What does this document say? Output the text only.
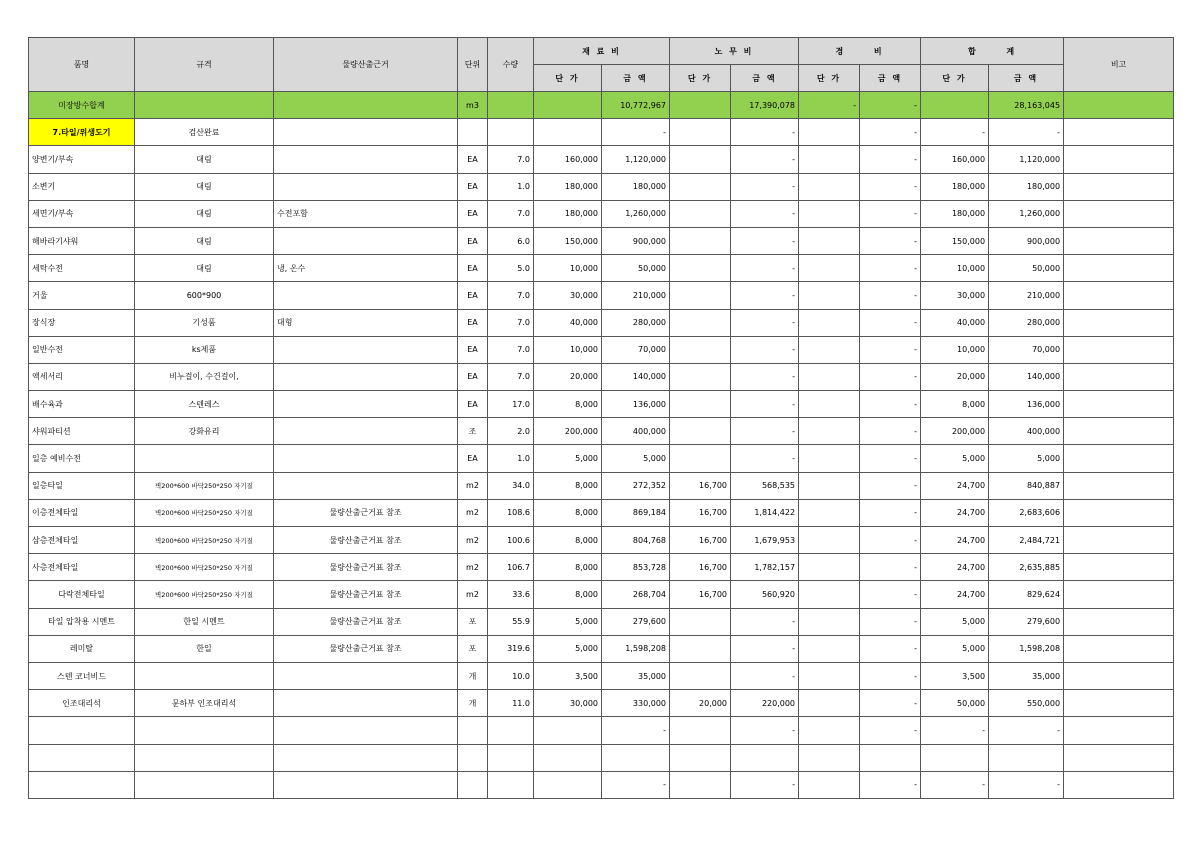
품명	규격	물량산출근거	단위	수량	재 료 비		노 무 비		경      비		합      계		비고
					단 가	금 액	단 가	금 액	단 가	금 액	단 가	금 액	
미장방수합계			m3			10,772,967		17,390,078	-	-		28,163,045	
7.타일/위생도기	검산완료					-		-		-	-	-	
양변기/부속	대림		EA	7.0	160,000	1,120,000		-		-	160,000	1,120,000	
소변기	대림		EA	1.0	180,000	180,000		-		-	180,000	180,000	
세면기/부속	대림	수전포함	EA	7.0	180,000	1,260,000		-		-	180,000	1,260,000	
해바라기샤워	대림		EA	6.0	150,000	900,000		-		-	150,000	900,000	
세탁수전	대림	냉, 온수	EA	5.0	10,000	50,000		-		-	10,000	50,000	
거울	600*900		EA	7.0	30,000	210,000		-		-	30,000	210,000	
장식장	기성품	대형	EA	7.0	40,000	280,000		-		-	40,000	280,000	
일반수전	ks제품		EA	7.0	10,000	70,000		-		-	10,000	70,000	
액세서리	비누걸이, 수건걸이,		EA	7.0	20,000	140,000		-		-	20,000	140,000	
배수육과	스텐레스		EA	17.0	8,000	136,000		-		-	8,000	136,000	
샤워파티션	강화유리		조	2.0	200,000	400,000		-		-	200,000	400,000	
일층 예비수전			EA	1.0	5,000	5,000		-		-	5,000	5,000	
일층타일	벽200*600 바닥250*250 자기질		m2	34.0	8,000	272,352	16,700	568,535		-	24,700	840,887	
이층전체타일	벽200*600 바닥250*250 자기질	물량산출근거표 참조	m2	108.6	8,000	869,184	16,700	1,814,422		-	24,700	2,683,606	
삼층전체타일	벽200*600 바닥250*250 자기질	물량산출근거표 참조	m2	100.6	8,000	804,768	16,700	1,679,953		-	24,700	2,484,721	
사층전체타일	벽200*600 바닥250*250 자기질	물량산출근거표 참조	m2	106.7	8,000	853,728	16,700	1,782,157		-	24,700	2,635,885	
다락전체타일	벽200*600 바닥250*250 자기질	물량산출근거표 참조	m2	33.6	8,000	268,704	16,700	560,920		-	24,700	829,624	
타일 압착용 시멘트	한일 시멘트	물량산출근거표 참조	포	55.9	5,000	279,600		-		-	5,000	279,600	
레미탈	한일	물량산출근거표 참조	포	319.6	5,000	1,598,208		-		-	5,000	1,598,208	
스텐 코너비드			개	10.0	3,500	35,000		-		-	3,500	35,000	
인조대리석	문하부 인조대리석		개	11.0	30,000	330,000	20,000	220,000		-	50,000	550,000	
						-		-		-	-	-	

						-		-		-	-	-	
